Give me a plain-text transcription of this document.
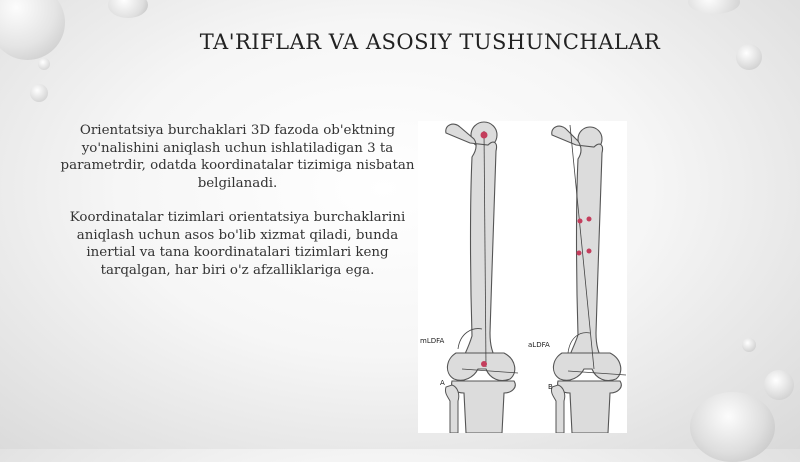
TA'RIFLAR VA ASOSIY TUSHUNCHALAR

Orientatsiya burchaklari 3D fazoda ob'ektning yo'nalishini aniqlash uchun ishlatiladigan 3 ta parametrdir, odatda koordinatalar tizimiga nisbatan belgilanadi.

Koordinatalar tizimlari orientatsiya burchaklarini aniqlash uchun asos bo'lib xizmat qiladi, bunda inertial va tana koordinatalari tizimlari keng tarqalgan, har biri o'z afzalliklariga ega.

mLDFA
A
aLDFA
B
